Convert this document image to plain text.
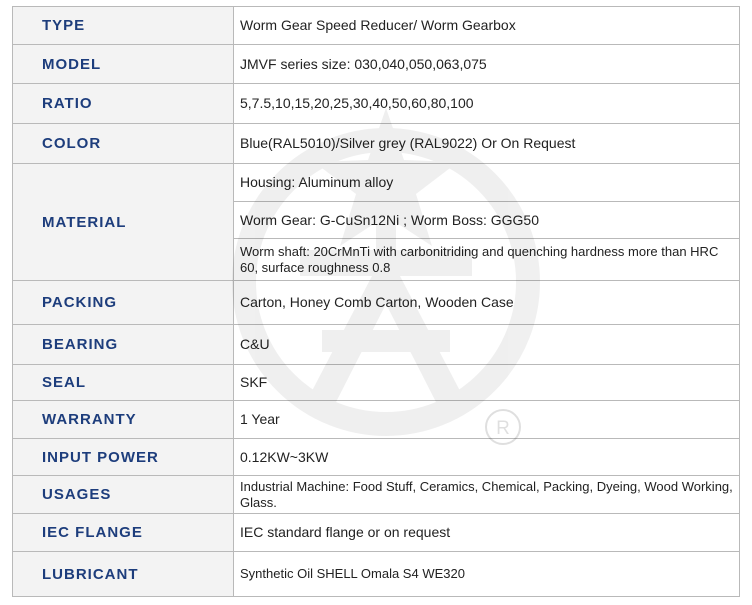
TYPE	Worm Gear Speed Reducer/ Worm Gearbox
MODEL	JMVF series size: 030,040,050,063,075
RATIO	5,7.5,10,15,20,25,30,40,50,60,80,100
COLOR	Blue(RAL5010)/Silver grey (RAL9022) Or On Request
MATERIAL	Housing: Aluminum alloy
	Worm Gear: G-CuSn12Ni ; Worm Boss: GGG50
	Worm shaft: 20CrMnTi with carbonitriding and quenching hardness more than HRC 60, surface roughness 0.8
PACKING	Carton, Honey Comb Carton, Wooden Case
BEARING	C&U
SEAL	SKF
WARRANTY	1 Year
INPUT POWER	0.12KW~3KW
USAGES	Industrial Machine: Food Stuff, Ceramics, Chemical, Packing, Dyeing, Wood Working, Glass.
IEC FLANGE	IEC standard flange or on request
LUBRICANT	Synthetic Oil SHELL Omala S4 WE320
R
